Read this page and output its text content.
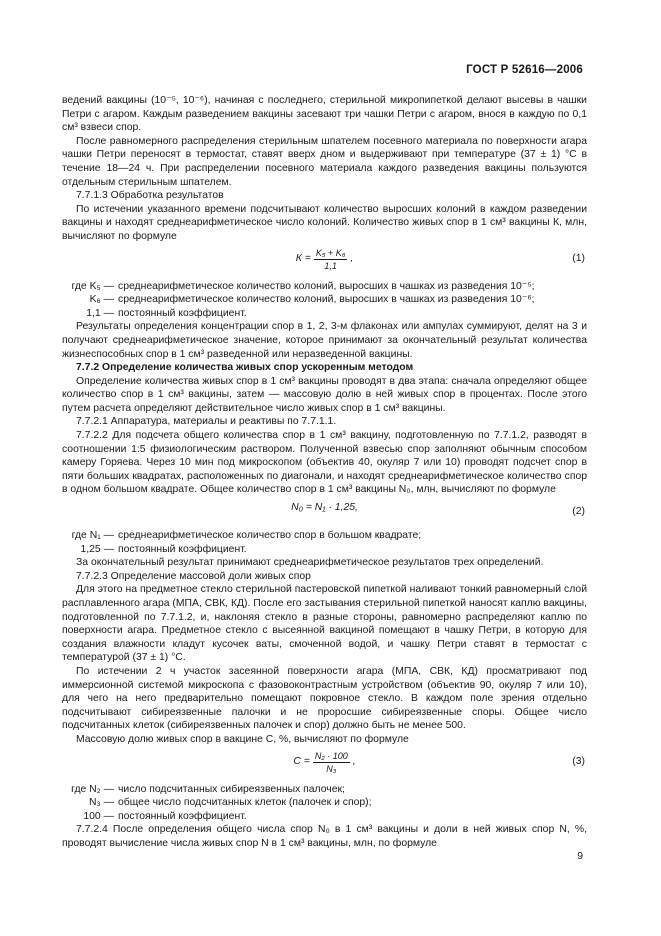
ГОСТ Р 52616—2006

ведений вакцины (10⁻⁵, 10⁻⁶), начиная с последнего, стерильной микропипеткой делают высевы в чашки Петри с агаром. Каждым разведением вакцины засевают три чашки Петри с агаром, внося в каждую по 0,1 см³ взвеси спор.

После равномерного распределения стерильным шпателем посевного материала по поверхности агара чашки Петри переносят в термостат, ставят вверх дном и выдерживают при температуре (37 ± 1) °С в течение 18—24 ч. При распределении посевного материала каждого разведения вакцины пользуются отдельным стерильным шпателем.

7.7.1.3 Обработка результатов

По истечении указанного времени подсчитывают количество выросших колоний в каждом разведении вакцины и находят среднеарифметическое число колоний. Количество живых спор в 1 см³ вакцины К, млн, вычисляют по формуле

$К = \frac{\text{K₅ + K₆}}{1,1}$ ,	(1)
где K₅ — среднеарифметическое количество колоний, выросших в чашках из разведения 10⁻⁵;
K₆ — среднеарифметическое количество колоний, выросших в чашках из разведения 10⁻⁶;
1,1 — постоянный коэффициент.

Результаты определения концентрации спор в 1, 2, 3-м флаконах или ампулах суммируют, делят на 3 и получают среднеарифметическое значение, которое принимают за окончательный результат количества жизнеспособных спор в 1 см³ разведенной или неразведенной вакцины.

7.7.2 Определение количества живых спор ускоренным методом

Определение количества живых спор в 1 см³ вакцины проводят в два этапа: сначала определяют общее количество спор в 1 см³ вакцины, затем — массовую долю в ней живых спор в процентах. После этого путем расчета определяют действительное число живых спор в 1 см³ вакцины.

7.7.2.1 Аппаратура, материалы и реактивы по 7.7.1.1.

7.7.2.2 Для подсчета общего количества спор в 1 см³ вакцину, подготовленную по 7.7.1.2, разводят в соотношении 1:5 физиологическим раствором. Полученной взвесью спор заполняют обычным способом камеру Горяева. Через 10 мин под микроскопом (объектив 40, окуляр 7 или 10) проводят подсчет спор в пяти больших квадратах, расположенных по диагонали, и находят среднеарифметическое количество спор в одном большом квадрате. Общее количество спор в 1 см³ вакцины N₀, млн, вычисляют по формуле

N₀ = N₁ · 1,25,	(2)
где N₁ — среднеарифметическое количество спор в большом квадрате;
1,25 — постоянный коэффициент.

За окончательный результат принимают среднеарифметическое результатов трех определений.

7.7.2.3 Определение массовой доли живых спор

Для этого на предметное стекло стерильной пастеровской пипеткой наливают тонкий равномерный слой расплавленного агара (МПА, СВК, КД). После его застывания стерильной пипеткой наносят каплю вакцины, подготовленной по 7.7.1.2, и, наклоняя стекло в разные стороны, равномерно распределяют каплю по поверхности агара. Предметное стекло с высеянной вакциной помещают в чашку Петри, в которую для создания влажности кладут кусочек ваты, смоченной водой, и чашку Петри ставят в термостат с температурой (37 ± 1) °С.

По истечении 2 ч участок засеянной поверхности агара (МПА, СВК, КД) просматривают под иммерсионной системой микроскопа с фазовоконтрастным устройством (объектив 90, окуляр 7 или 10), для чего на него предварительно помещают покровное стекло. В каждом поле зрения отдельно подсчитывают сибиреязвенные палочки и не проросшие сибиреязвенные споры. Общее число подсчитанных клеток (сибиреязвенных палочек и спор) должно быть не менее 500.

Массовую долю живых спор в вакцине С, %, вычисляют по формуле

$С = \frac{\text{N₂ · 100}}{\text{N₃}}$ ,	(3)
где N₂ — число подсчитанных сибиреязвенных палочек;
N₃ — общее число подсчитанных клеток (палочек и спор);
100 — постоянный коэффициент.

7.7.2.4 После определения общего числа спор N₀ в 1 см³ вакцины и доли в ней живых спор N, %, проводят вычисление числа живых спор N в 1 см³ вакцины, млн, по формуле

9
